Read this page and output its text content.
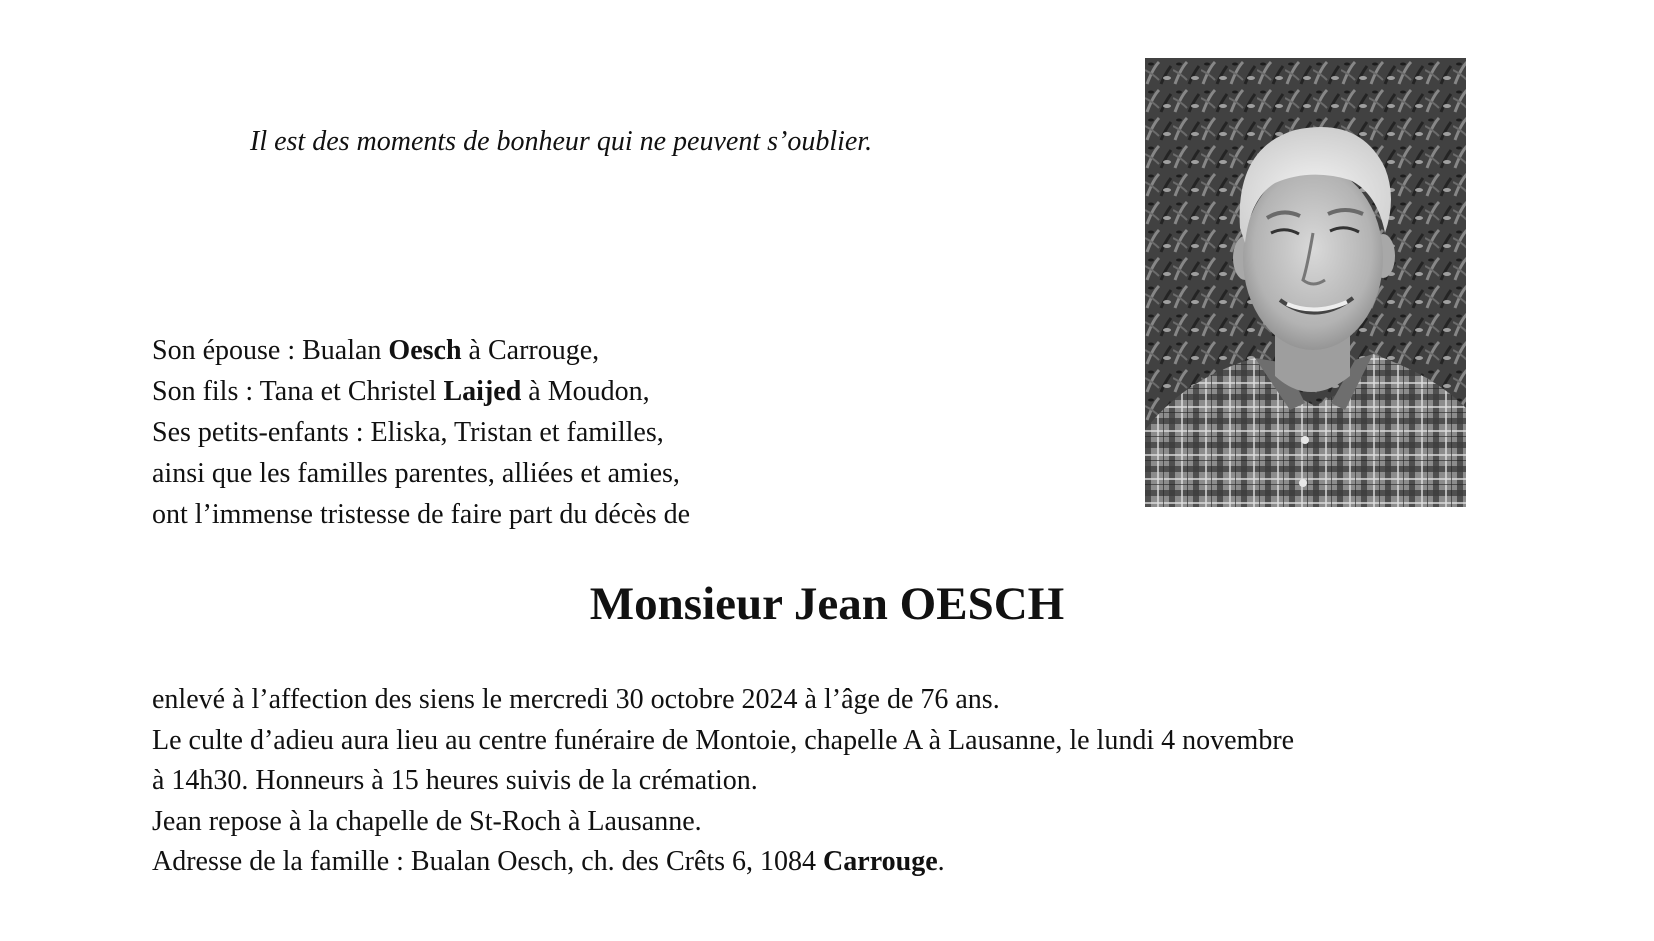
Il est des moments de bonheur qui ne peuvent s’oublier.
Son épouse : Bualan Oesch à Carrouge,
Son fils : Tana et Christel Laijed à Moudon,
Ses petits-enfants : Eliska, Tristan et familles,
ainsi que les familles parentes, alliées et amies,
ont l’immense tristesse de faire part du décès de
Monsieur Jean OESCH
enlevé à l’affection des siens le mercredi 30 octobre 2024 à l’âge de 76 ans.
Le culte d’adieu aura lieu au centre funéraire de Montoie, chapelle A à Lausanne, le lundi 4 novembre
à 14h30. Honneurs à 15 heures suivis de la crémation.
Jean repose à la chapelle de St-Roch à Lausanne.
Adresse de la famille : Bualan Oesch, ch. des Crêts 6, 1084 Carrouge.
